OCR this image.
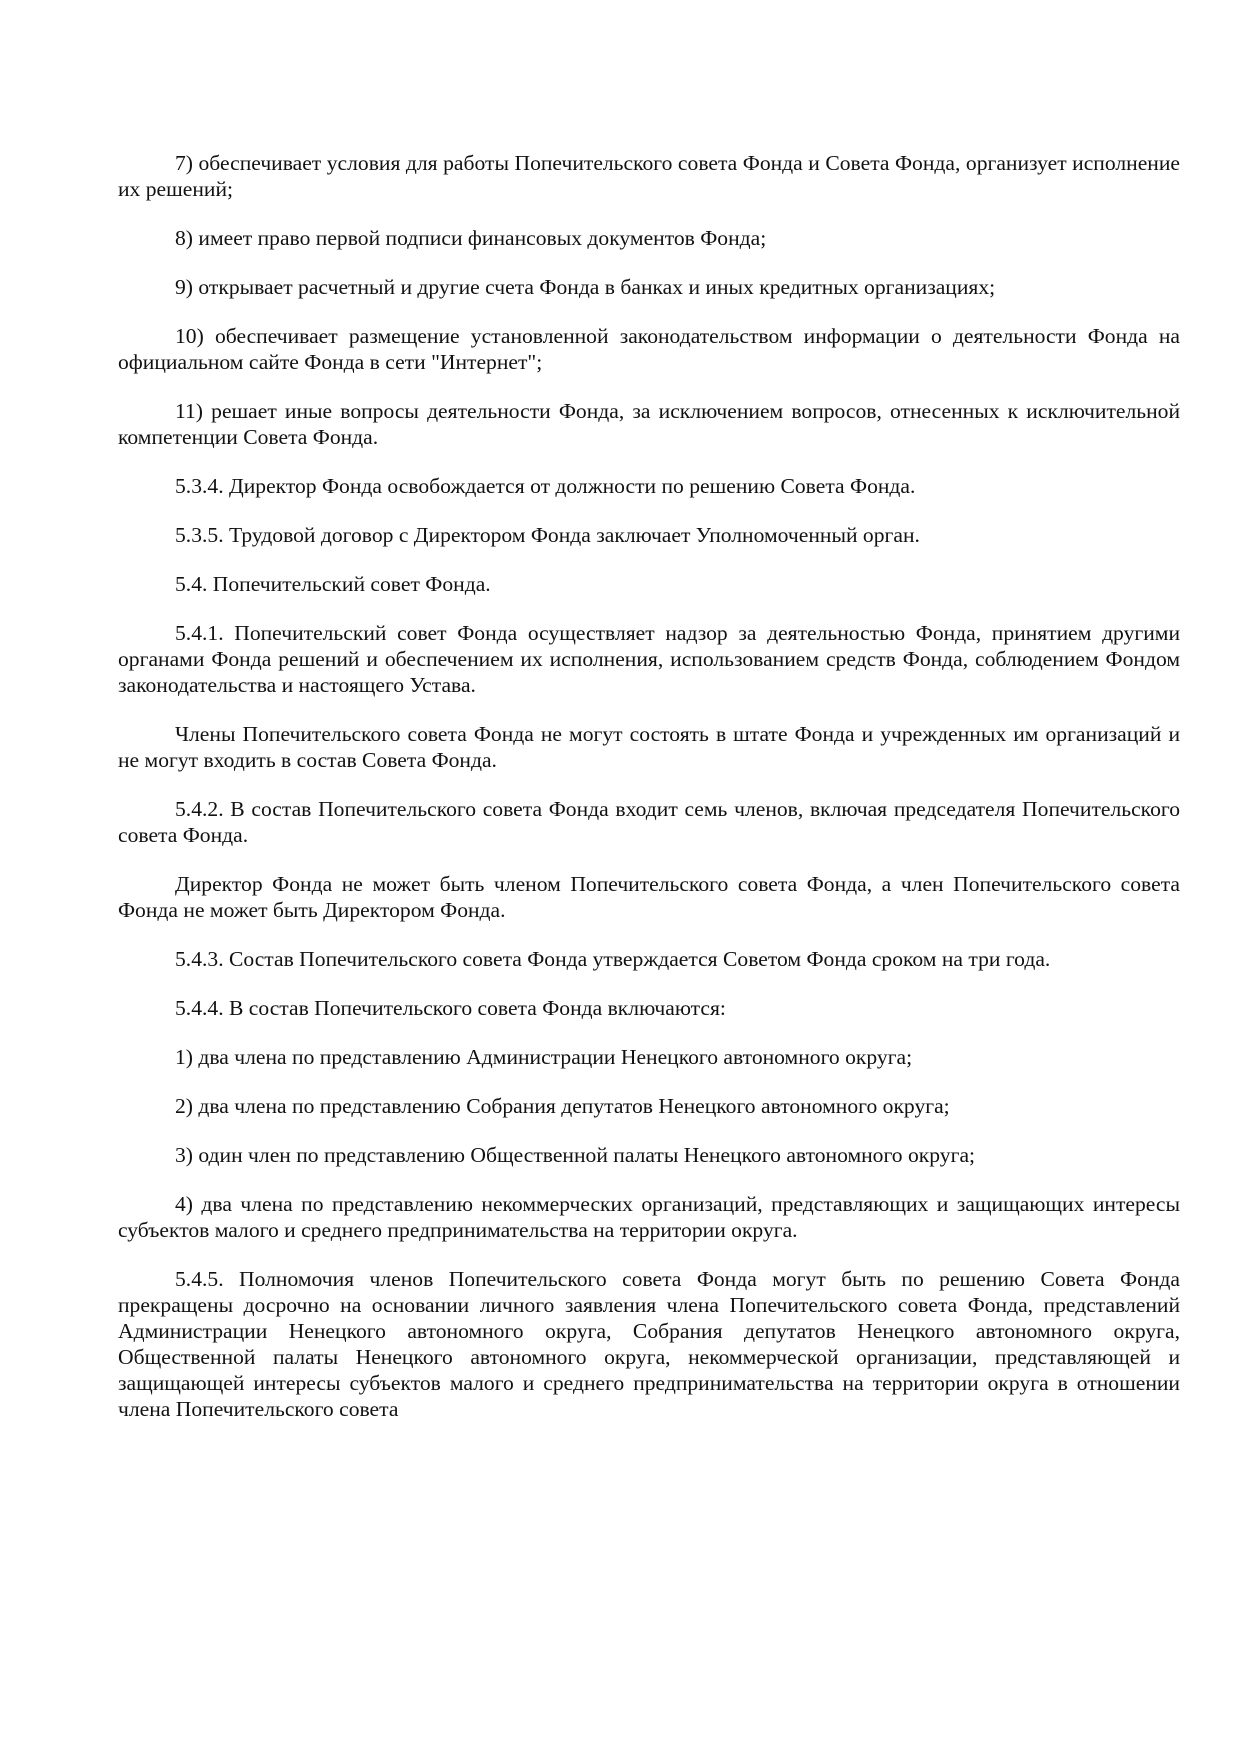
7) обеспечивает условия для работы Попечительского совета Фонда и Совета Фонда, организует исполнение их решений;

8) имеет право первой подписи финансовых документов Фонда;

9) открывает расчетный и другие счета Фонда в банках и иных кредитных организациях;

10) обеспечивает размещение установленной законодательством информации о деятельности Фонда на официальном сайте Фонда в сети "Интернет";

11) решает иные вопросы деятельности Фонда, за исключением вопросов, отнесенных к исключительной компетенции Совета Фонда.

5.3.4. Директор Фонда освобождается от должности по решению Совета Фонда.

5.3.5. Трудовой договор с Директором Фонда заключает Уполномоченный орган.

5.4. Попечительский совет Фонда.

5.4.1. Попечительский совет Фонда осуществляет надзор за деятельностью Фонда, принятием другими органами Фонда решений и обеспечением их исполнения, использованием средств Фонда, соблюдением Фондом законодательства и настоящего Устава.

Члены Попечительского совета Фонда не могут состоять в штате Фонда и учрежденных им организаций и не могут входить в состав Совета Фонда.

5.4.2. В состав Попечительского совета Фонда входит семь членов, включая председателя Попечительского совета Фонда.

Директор Фонда не может быть членом Попечительского совета Фонда, а член Попечительского совета Фонда не может быть Директором Фонда.

5.4.3. Состав Попечительского совета Фонда утверждается Советом Фонда сроком на три года.

5.4.4. В состав Попечительского совета Фонда включаются:

1) два члена по представлению Администрации Ненецкого автономного округа;

2) два члена по представлению Собрания депутатов Ненецкого автономного округа;

3) один член по представлению Общественной палаты Ненецкого автономного округа;

4) два члена по представлению некоммерческих организаций, представляющих и защищающих интересы субъектов малого и среднего предпринимательства на территории округа.

5.4.5. Полномочия членов Попечительского совета Фонда могут быть по решению Совета Фонда прекращены досрочно на основании личного заявления члена Попечительского совета Фонда, представлений Администрации Ненецкого автономного округа, Собрания депутатов Ненецкого автономного округа, Общественной палаты Ненецкого автономного округа, некоммерческой организации, представляющей и защищающей интересы субъектов малого и среднего предпринимательства на территории округа в отношении члена Попечительского совета
